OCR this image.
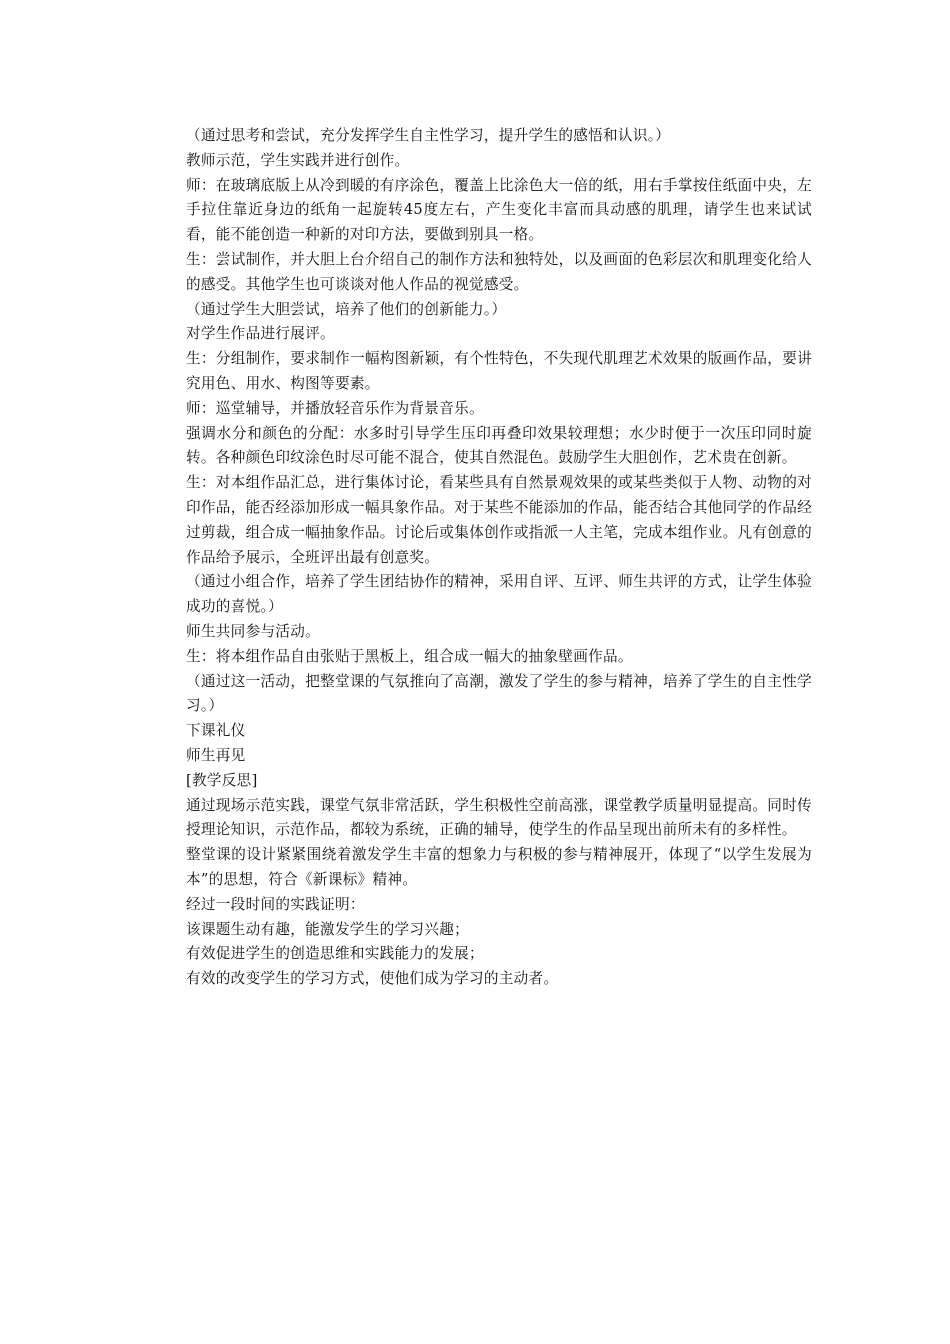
（通过思考和尝试，充分发挥学生自主性学习，提升学生的感悟和认识。）

教师示范，学生实践并进行创作。

师：在玻璃底版上从冷到暖的有序涂色，覆盖上比涂色大一倍的纸，用右手掌按住纸面中央，左手拉住靠近身边的纸角一起旋转45度左右，产生变化丰富而具动感的肌理，请学生也来试试看，能不能创造一种新的对印方法，要做到别具一格。

生：尝试制作，并大胆上台介绍自己的制作方法和独特处，以及画面的色彩层次和肌理变化给人的感受。其他学生也可谈谈对他人作品的视觉感受。

（通过学生大胆尝试，培养了他们的创新能力。）

对学生作品进行展评。

生：分组制作，要求制作一幅构图新颖，有个性特色，不失现代肌理艺术效果的版画作品，要讲究用色、用水、构图等要素。

师：巡堂辅导，并播放轻音乐作为背景音乐。

强调水分和颜色的分配：水多时引导学生压印再叠印效果较理想；水少时便于一次压印同时旋转。各种颜色印纹涂色时尽可能不混合，使其自然混色。鼓励学生大胆创作，艺术贵在创新。

生：对本组作品汇总，进行集体讨论，看某些具有自然景观效果的或某些类似于人物、动物的对印作品，能否经添加形成一幅具象作品。对于某些不能添加的作品，能否结合其他同学的作品经过剪裁，组合成一幅抽象作品。讨论后或集体创作或指派一人主笔，完成本组作业。凡有创意的作品给予展示，全班评出最有创意奖。

（通过小组合作，培养了学生团结协作的精神，采用自评、互评、师生共评的方式，让学生体验成功的喜悦。）

师生共同参与活动。

生：将本组作品自由张贴于黑板上，组合成一幅大的抽象壁画作品。

（通过这一活动，把整堂课的气氛推向了高潮，激发了学生的参与精神，培养了学生的自主性学习。）

下课礼仪

师生再见

[教学反思]

通过现场示范实践，课堂气氛非常活跃，学生积极性空前高涨，课堂教学质量明显提高。同时传授理论知识，示范作品，都较为系统，正确的辅导，使学生的作品呈现出前所未有的多样性。

整堂课的设计紧紧围绕着激发学生丰富的想象力与积极的参与精神展开，体现了“以学生发展为本”的思想，符合《新课标》精神。

经过一段时间的实践证明：

该课题生动有趣，能激发学生的学习兴趣；

有效促进学生的创造思维和实践能力的发展；

有效的改变学生的学习方式，使他们成为学习的主动者。
